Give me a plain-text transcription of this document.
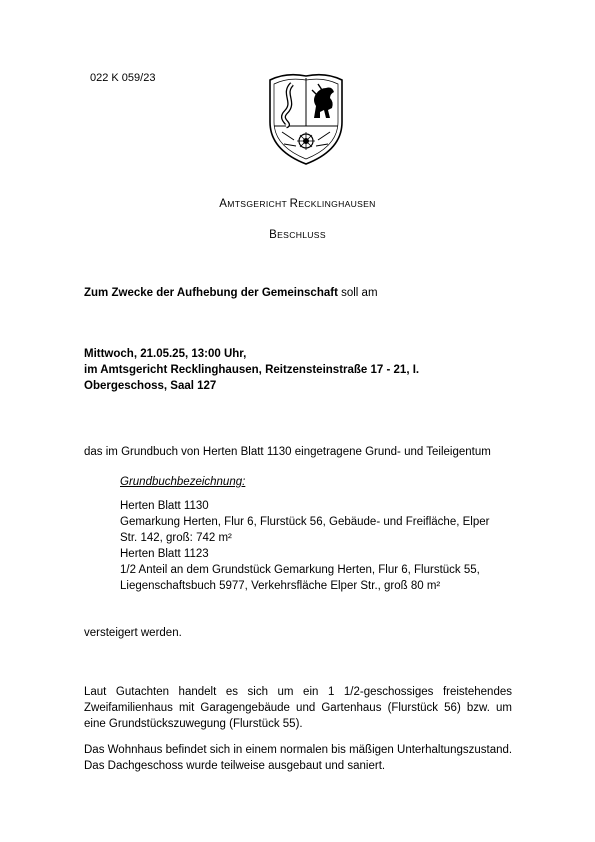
022 K 059/23
AMTSGERICHT RECKLINGHAUSEN
BESCHLUSS
Zum Zwecke der Aufhebung der Gemeinschaft soll am
Mittwoch, 21.05.25, 13:00 Uhr,
im Amtsgericht Recklinghausen, Reitzensteinstraße 17 - 21, I.
Obergeschoss, Saal 127
das im Grundbuch von Herten Blatt 1130 eingetragene Grund- und Teileigentum
Grundbuchbezeichnung:
Herten Blatt 1130
Gemarkung Herten, Flur 6, Flurstück 56, Gebäude- und Freifläche, Elper
Str. 142, groß: 742 m²
Herten Blatt 1123
1/2 Anteil an dem Grundstück Gemarkung Herten, Flur 6, Flurstück 55,
Liegenschaftsbuch 5977, Verkehrsfläche Elper Str., groß 80 m²
versteigert werden.
Laut Gutachten handelt es sich um ein 1 1/2-geschossiges freistehendes Zweifamilienhaus mit Garagengebäude und Gartenhaus (Flurstück 56) bzw. um eine Grundstückszuwegung (Flurstück 55).
Das Wohnhaus befindet sich in einem normalen bis mäßigen Unterhaltungszustand.
Das Dachgeschoss wurde teilweise ausgebaut und saniert.
